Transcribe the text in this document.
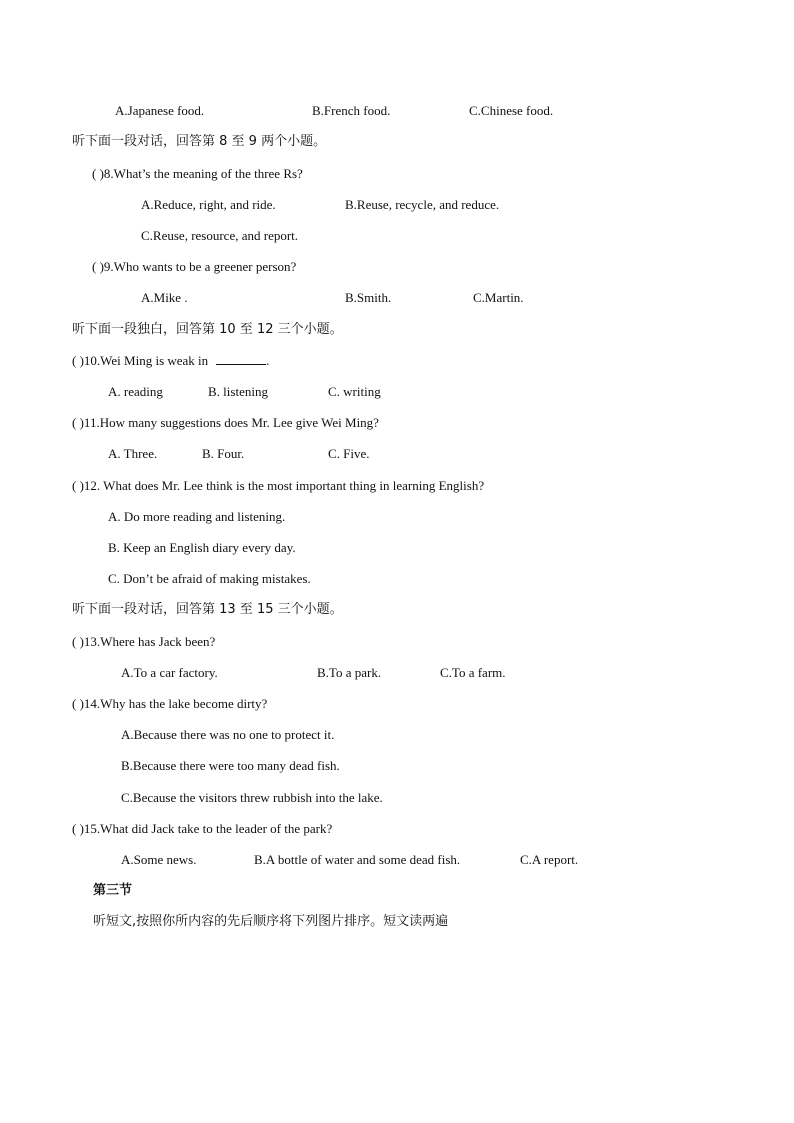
A.Japanese food.	B.French food.	C.Chinese food.
听下面一段对话，回答第 8 至 9 两个小题。
( )8.What’s the meaning of the three Rs?
A.Reduce, right, and ride.	B.Reuse, recycle, and reduce.
C.Reuse, resource, and report.
( )9.Who wants to be a greener person?
A.Mike .	B.Smith.	C.Martin.
听下面一段独白，回答第 10 至 12 三个小题。
( )10.Wei Ming is weak in	.
A. reading	B. listening	C. writing
( )11.How many suggestions does Mr. Lee give Wei Ming?
A. Three.	B. Four.	C. Five.
( )12. What does Mr. Lee think is the most important thing in learning English?
A. Do more reading and listening.
B. Keep an English diary every day.
C. Don’t be afraid of making mistakes.
听下面一段对话，回答第 13 至 15 三个小题。
( )13.Where has Jack been?
A.To a car factory.	B.To a park.	C.To a farm.
( )14.Why has the lake become dirty?
A.Because there was no one to protect it.
B.Because there were too many dead fish.
C.Because the visitors threw rubbish into the lake.
( )15.What did Jack take to the leader of the park?
A.Some news.	B.A bottle of water and some dead fish.	C.A report.
第三节
听短文,按照你所内容的先后顺序将下列图片排序。短文读两遍
